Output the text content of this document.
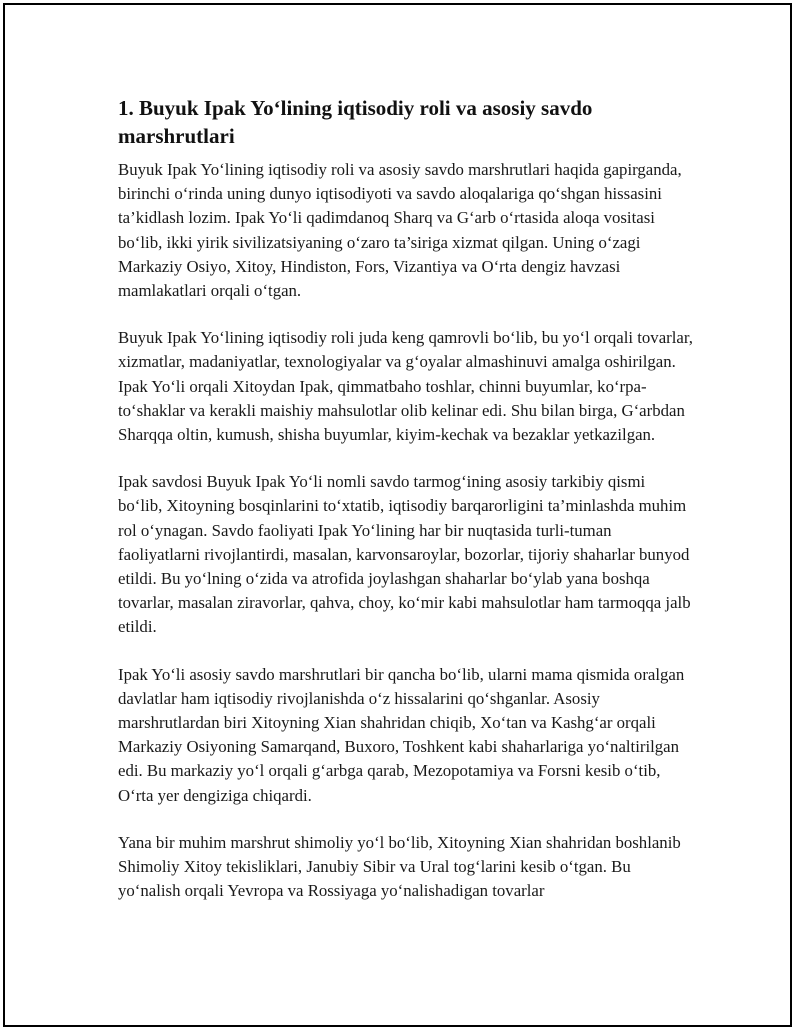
1. Buyuk Ipak Yo‘lining iqtisodiy roli va asosiy savdo marshrutlari

Buyuk Ipak Yo‘lining iqtisodiy roli va asosiy savdo marshrutlari haqida gapirganda, birinchi o‘rinda uning dunyo iqtisodiyoti va savdo aloqalariga qo‘shgan hissasini ta’kidlash lozim. Ipak Yo‘li qadimdanoq Sharq va G‘arb o‘rtasida aloqa vositasi bo‘lib, ikki yirik sivilizatsiyaning o‘zaro ta’siriga xizmat qilgan. Uning o‘zagi Markaziy Osiyo, Xitoy, Hindiston, Fors, Vizantiya va O‘rta dengiz havzasi mamlakatlari orqali o‘tgan.

Buyuk Ipak Yo‘lining iqtisodiy roli juda keng qamrovli bo‘lib, bu yo‘l orqali tovarlar, xizmatlar, madaniyatlar, texnologiyalar va g‘oyalar almashinuvi amalga oshirilgan. Ipak Yo‘li orqali Xitoydan Ipak, qimmatbaho toshlar, chinni buyumlar, ko‘rpa-to‘shaklar va kerakli maishiy mahsulotlar olib kelinar edi. Shu bilan birga, G‘arbdan Sharqqa oltin, kumush, shisha buyumlar, kiyim-kechak va bezaklar yetkazilgan.

Ipak savdosi Buyuk Ipak Yo‘li nomli savdo tarmog‘ining asosiy tarkibiy qismi bo‘lib, Xitoyning bosqinlarini to‘xtatib, iqtisodiy barqarorligini ta’minlashda muhim rol o‘ynagan. Savdo faoliyati Ipak Yo‘lining har bir nuqtasida turli-tuman faoliyatlarni rivojlantirdi, masalan, karvonsaroylar, bozorlar, tijoriy shaharlar bunyod etildi. Bu yo‘lning o‘zida va atrofida joylashgan shaharlar bo‘ylab yana boshqa tovarlar, masalan ziravorlar, qahva, choy, ko‘mir kabi mahsulotlar ham tarmoqqa jalb etildi.

Ipak Yo‘li asosiy savdo marshrutlari bir qancha bo‘lib, ularni mama qismida oralgan davlatlar ham iqtisodiy rivojlanishda o‘z hissalarini qo‘shganlar. Asosiy marshrutlardan biri Xitoyning Xian shahridan chiqib, Xo‘tan va Kashg‘ar orqali Markaziy Osiyoning Samarqand, Buxoro, Toshkent kabi shaharlariga yo‘naltirilgan edi. Bu markaziy yo‘l orqali g‘arbga qarab, Mezopotamiya va Forsni kesib o‘tib, O‘rta yer dengiziga chiqardi.

Yana bir muhim marshrut shimoliy yo‘l bo‘lib, Xitoyning Xian shahridan boshlanib Shimoliy Xitoy tekisliklari, Janubiy Sibir va Ural tog‘larini kesib o‘tgan. Bu yo‘nalish orqali Yevropa va Rossiyaga yo‘nalishadigan tovarlar
